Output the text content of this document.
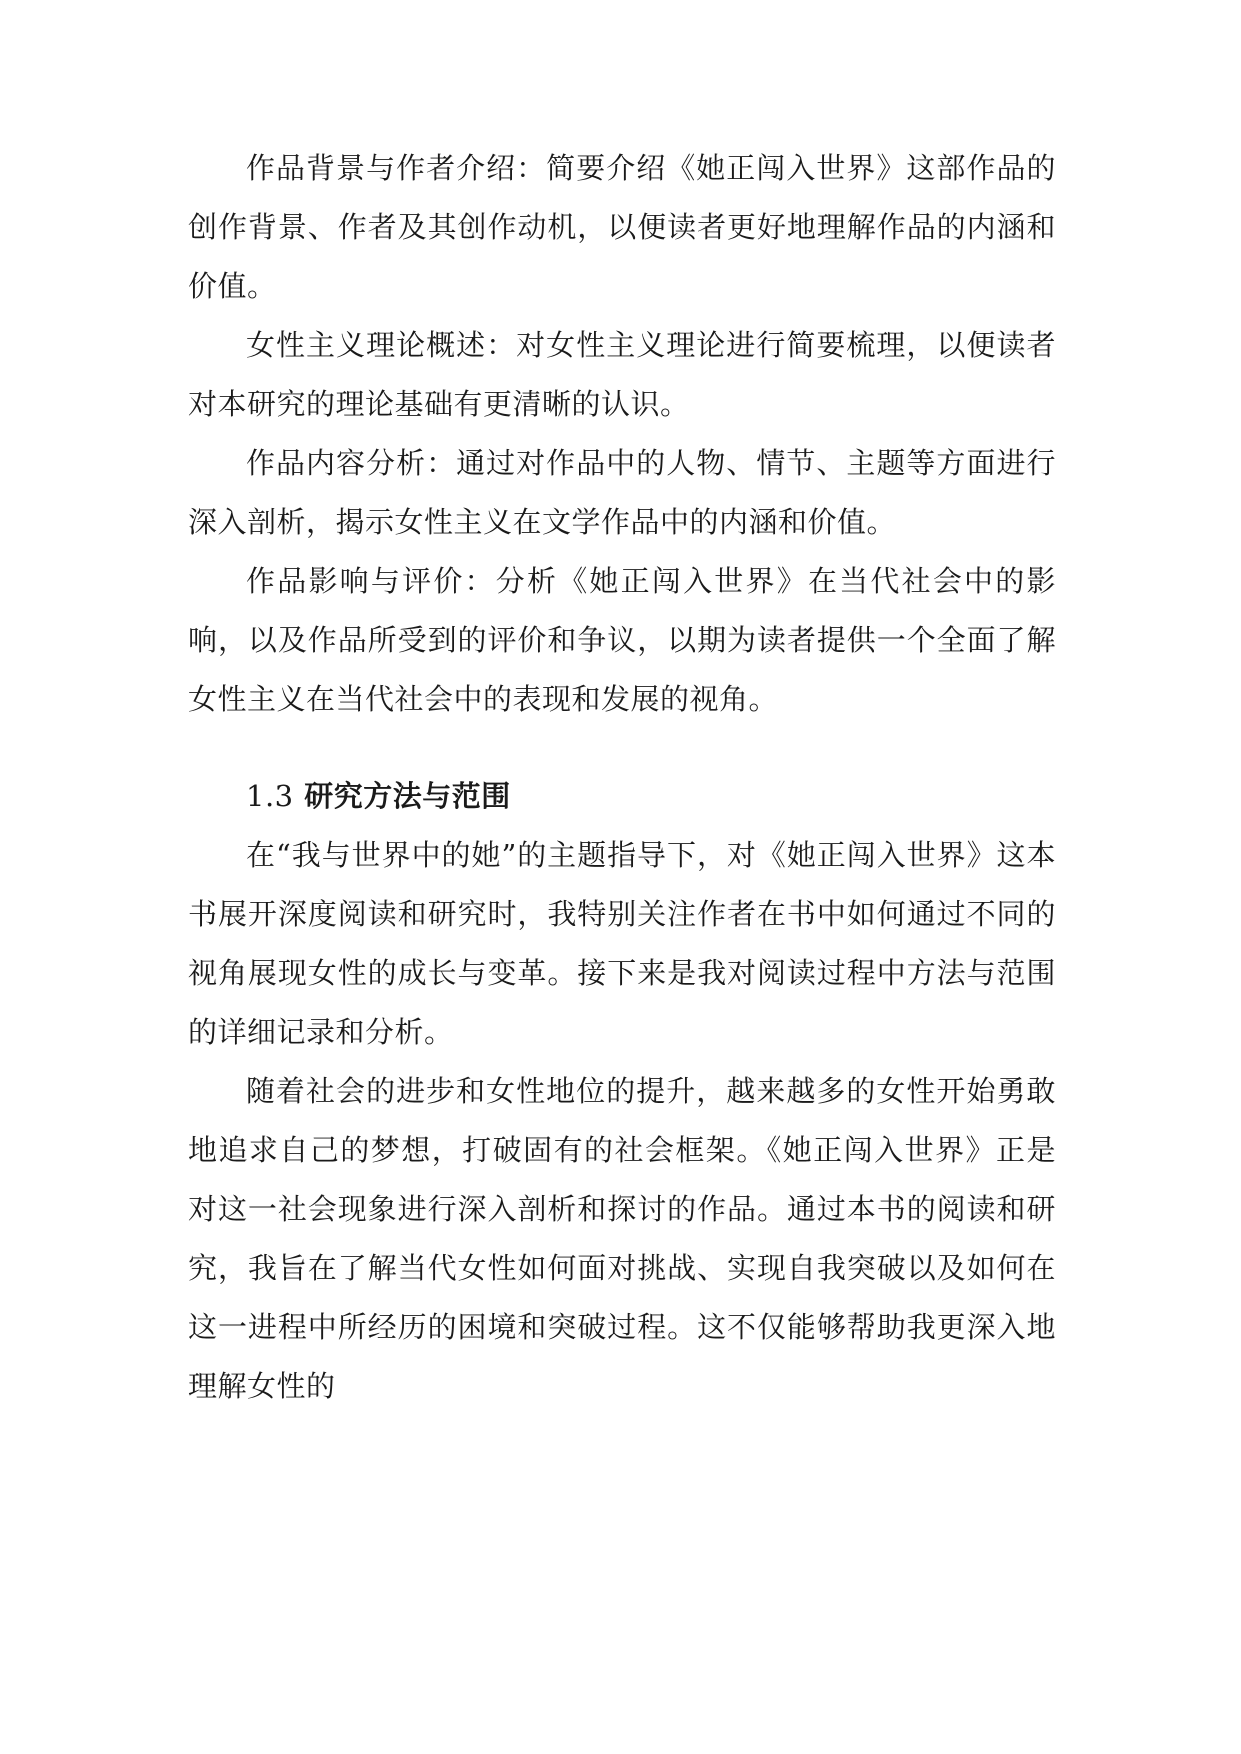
作品背景与作者介绍：简要介绍《她正闯入世界》这部作品的创作背景、作者及其创作动机，以便读者更好地理解作品的内涵和价值。

女性主义理论概述：对女性主义理论进行简要梳理，以便读者对本研究的理论基础有更清晰的认识。

作品内容分析：通过对作品中的人物、情节、主题等方面进行深入剖析，揭示女性主义在文学作品中的内涵和价值。

作品影响与评价：分析《她正闯入世界》在当代社会中的影响，以及作品所受到的评价和争议，以期为读者提供一个全面了解女性主义在当代社会中的表现和发展的视角。

1.3 研究方法与范围

在“我与世界中的她”的主题指导下，对《她正闯入世界》这本书展开深度阅读和研究时，我特别关注作者在书中如何通过不同的视角展现女性的成长与变革。接下来是我对阅读过程中方法与范围的详细记录和分析。

随着社会的进步和女性地位的提升，越来越多的女性开始勇敢地追求自己的梦想，打破固有的社会框架。《她正闯入世界》正是对这一社会现象进行深入剖析和探讨的作品。通过本书的阅读和研究，我旨在了解当代女性如何面对挑战、实现自我突破以及如何在这一进程中所经历的困境和突破过程。这不仅能够帮助我更深入地理解女性的
